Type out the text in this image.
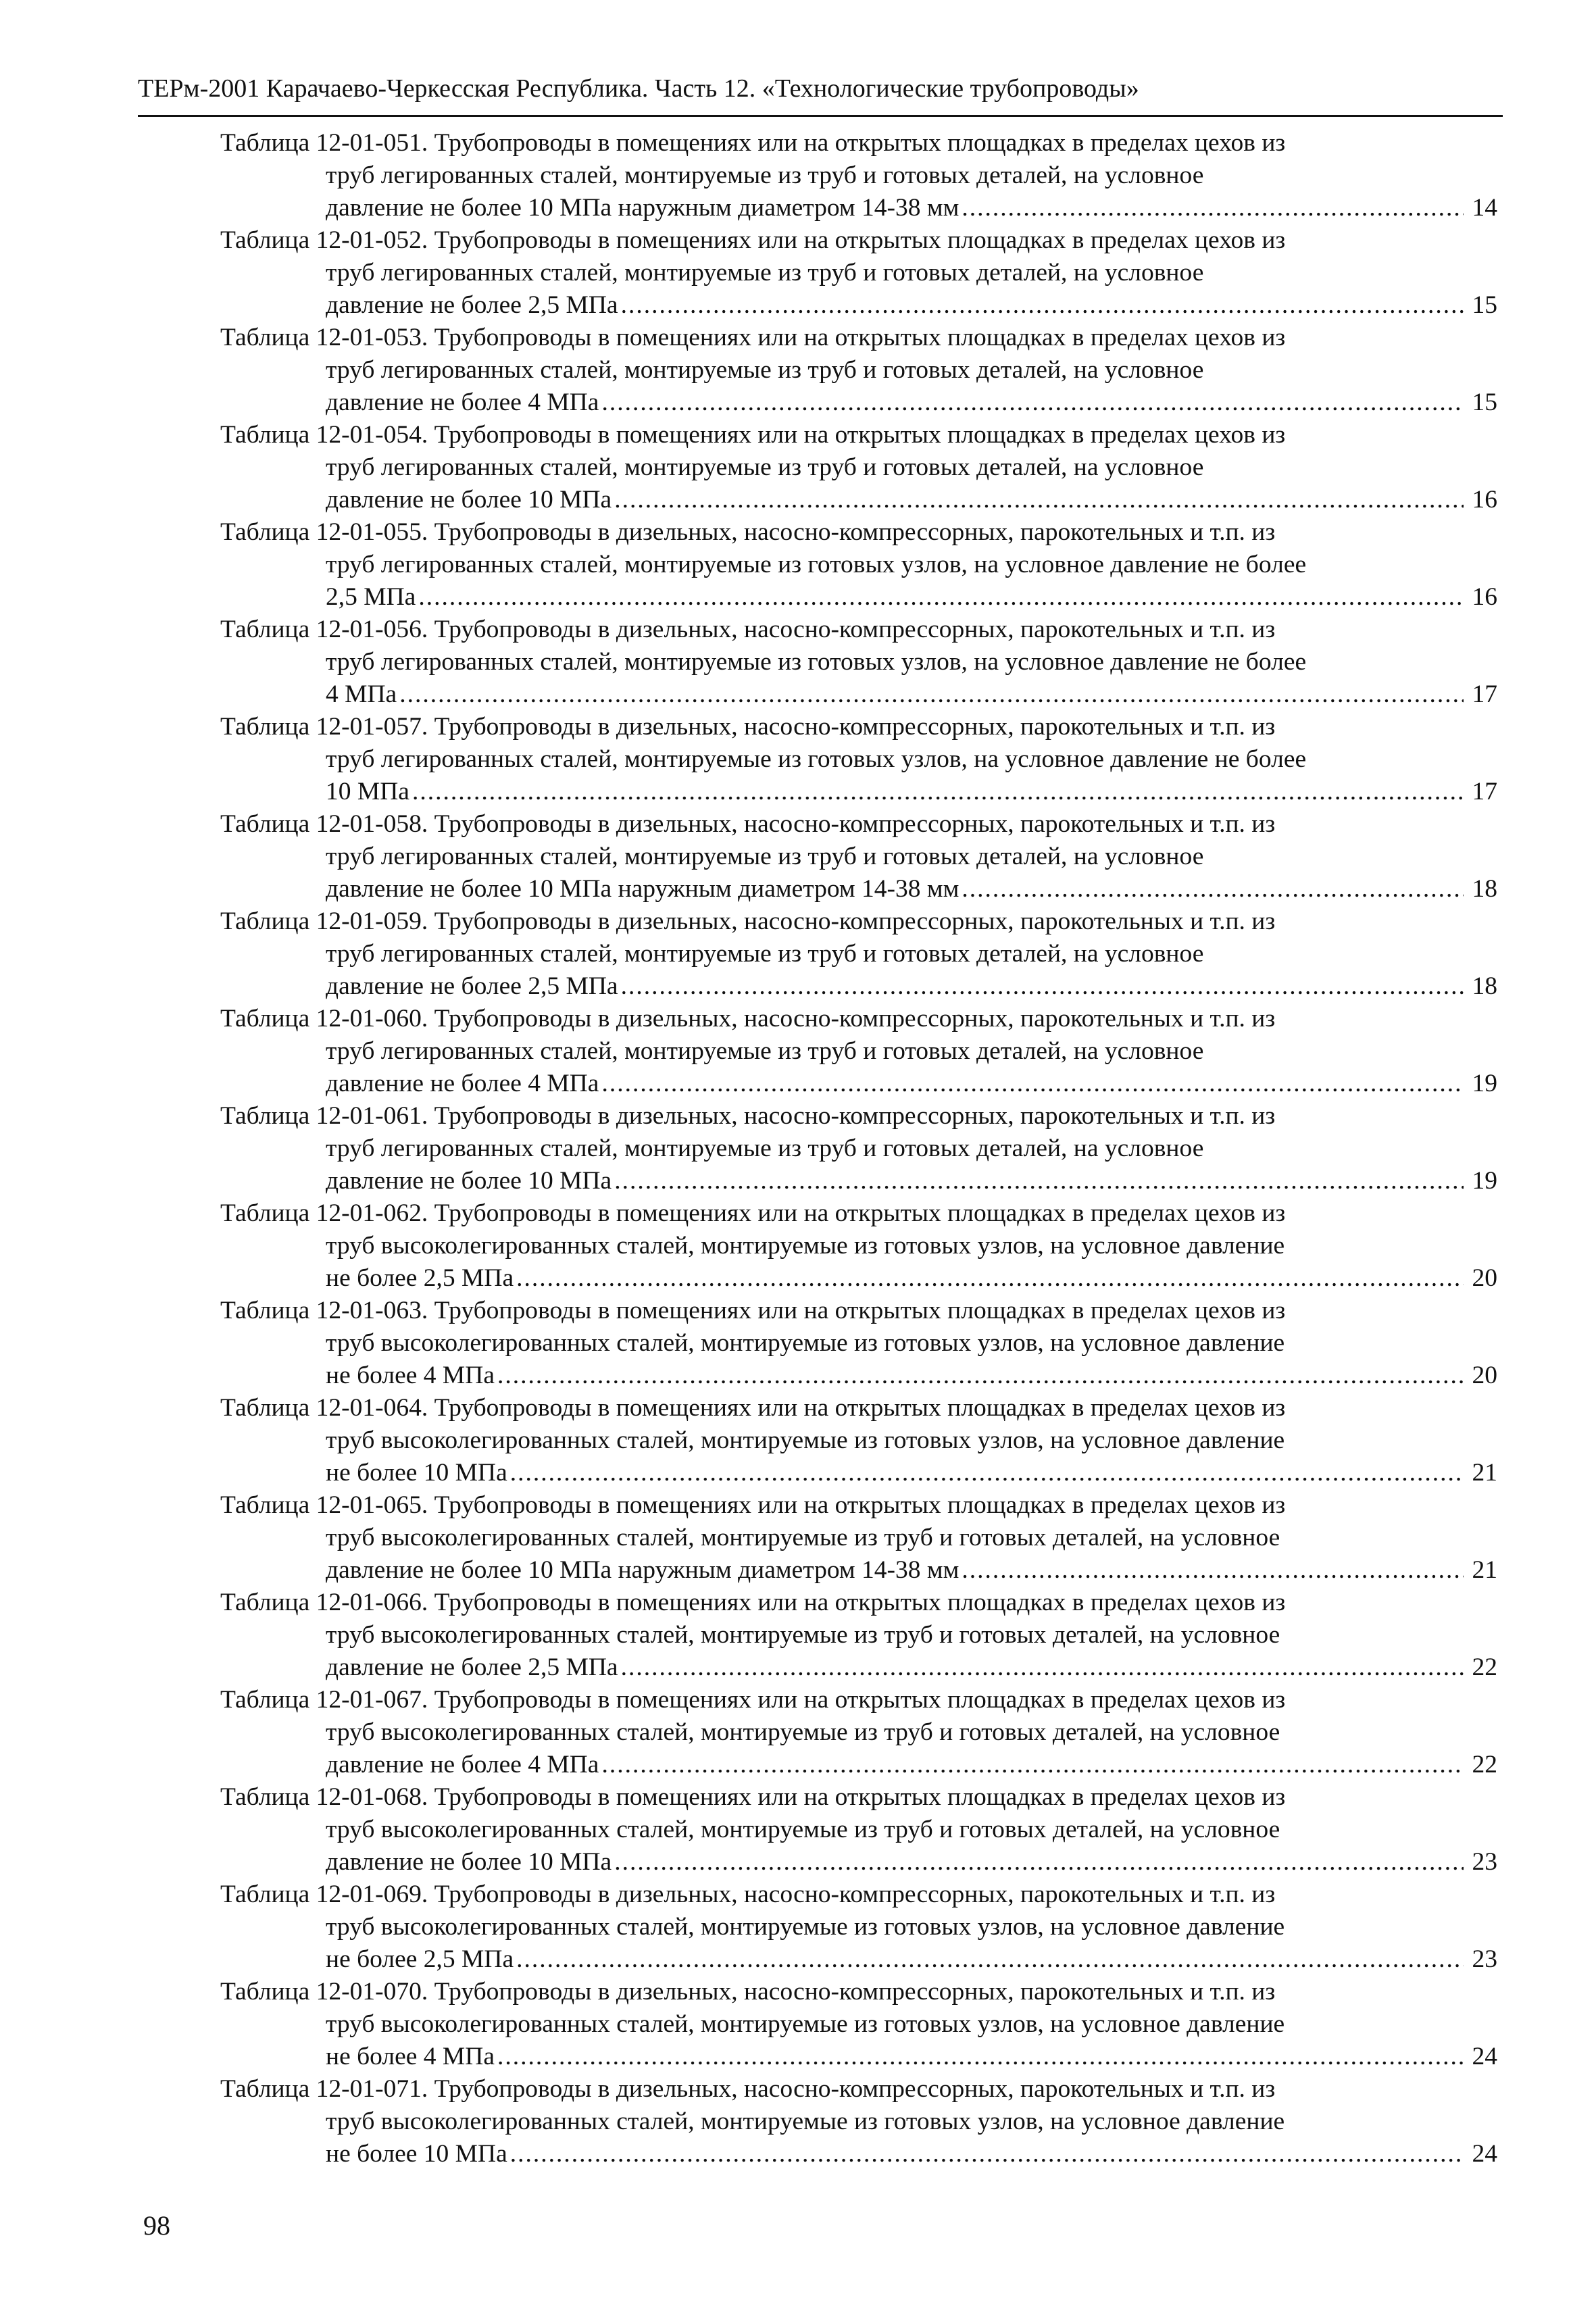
ТЕРм-2001 Карачаево-Черкесская Республика. Часть 12. «Технологические трубопроводы»
Таблица 12-01-051. Трубопроводы в помещениях или на открытых площадках в пределах цехов из
труб легированных сталей, монтируемые из труб и готовых деталей, на условное
давление не более 10 МПа наружным диаметром 14-38 мм .....	14
Таблица 12-01-052. Трубопроводы в помещениях или на открытых площадках в пределах цехов из
труб легированных сталей, монтируемые из труб и готовых деталей, на условное
давление не более 2,5 МПа .....	15
Таблица 12-01-053. Трубопроводы в помещениях или на открытых площадках в пределах цехов из
труб легированных сталей, монтируемые из труб и готовых деталей, на условное
давление не более 4 МПа .....	15
Таблица 12-01-054. Трубопроводы в помещениях или на открытых площадках в пределах цехов из
труб легированных сталей, монтируемые из труб и готовых деталей, на условное
давление не более 10 МПа .....	16
Таблица 12-01-055. Трубопроводы в дизельных, насосно-компрессорных, парокотельных и т.п. из
труб легированных сталей, монтируемые из готовых узлов, на условное давление не более
2,5 МПа .....	16
Таблица 12-01-056. Трубопроводы в дизельных, насосно-компрессорных, парокотельных и т.п. из
труб легированных сталей, монтируемые из готовых узлов, на условное давление не более
4 МПа .....	17
Таблица 12-01-057. Трубопроводы в дизельных, насосно-компрессорных, парокотельных и т.п. из
труб легированных сталей, монтируемые из готовых узлов, на условное давление не более
10 МПа .....	17
Таблица 12-01-058. Трубопроводы в дизельных, насосно-компрессорных, парокотельных и т.п. из
труб легированных сталей, монтируемые из труб и готовых деталей, на условное
давление не более 10 МПа наружным диаметром 14-38 мм .....	18
Таблица 12-01-059. Трубопроводы в дизельных, насосно-компрессорных, парокотельных и т.п. из
труб легированных сталей, монтируемые из труб и готовых деталей, на условное
давление не более 2,5 МПа .....	18
Таблица 12-01-060. Трубопроводы в дизельных, насосно-компрессорных, парокотельных и т.п. из
труб легированных сталей, монтируемые из труб и готовых деталей, на условное
давление не более 4 МПа .....	19
Таблица 12-01-061. Трубопроводы в дизельных, насосно-компрессорных, парокотельных и т.п. из
труб легированных сталей, монтируемые из труб и готовых деталей, на условное
давление не более 10 МПа .....	19
Таблица 12-01-062. Трубопроводы в помещениях или на открытых площадках в пределах цехов из
труб высоколегированных сталей, монтируемые из готовых узлов, на условное давление
не более 2,5 МПа .....	20
Таблица 12-01-063. Трубопроводы в помещениях или на открытых площадках в пределах цехов из
труб высоколегированных сталей, монтируемые из готовых узлов, на условное давление
не более 4 МПа .....	20
Таблица 12-01-064. Трубопроводы в помещениях или на открытых площадках в пределах цехов из
труб высоколегированных сталей, монтируемые из готовых узлов, на условное давление
не более 10 МПа .....	21
Таблица 12-01-065. Трубопроводы в помещениях или на открытых площадках в пределах цехов из
труб высоколегированных сталей, монтируемые из труб и готовых деталей, на условное
давление не более 10 МПа наружным диаметром 14-38 мм .....	21
Таблица 12-01-066. Трубопроводы в помещениях или на открытых площадках в пределах цехов из
труб высоколегированных сталей, монтируемые из труб и готовых деталей, на условное
давление не более 2,5 МПа .....	22
Таблица 12-01-067. Трубопроводы в помещениях или на открытых площадках в пределах цехов из
труб высоколегированных сталей, монтируемые из труб и готовых деталей, на условное
давление не более 4 МПа .....	22
Таблица 12-01-068. Трубопроводы в помещениях или на открытых площадках в пределах цехов из
труб высоколегированных сталей, монтируемые из труб и готовых деталей, на условное
давление не более 10 МПа .....	23
Таблица 12-01-069. Трубопроводы в дизельных, насосно-компрессорных, парокотельных и т.п. из
труб высоколегированных сталей, монтируемые из готовых узлов, на условное давление
не более 2,5 МПа .....	23
Таблица 12-01-070. Трубопроводы в дизельных, насосно-компрессорных, парокотельных и т.п. из
труб высоколегированных сталей, монтируемые из готовых узлов, на условное давление
не более 4 МПа .....	24
Таблица 12-01-071. Трубопроводы в дизельных, насосно-компрессорных, парокотельных и т.п. из
труб высоколегированных сталей, монтируемые из готовых узлов, на условное давление
не более 10 МПа .....	24
98
